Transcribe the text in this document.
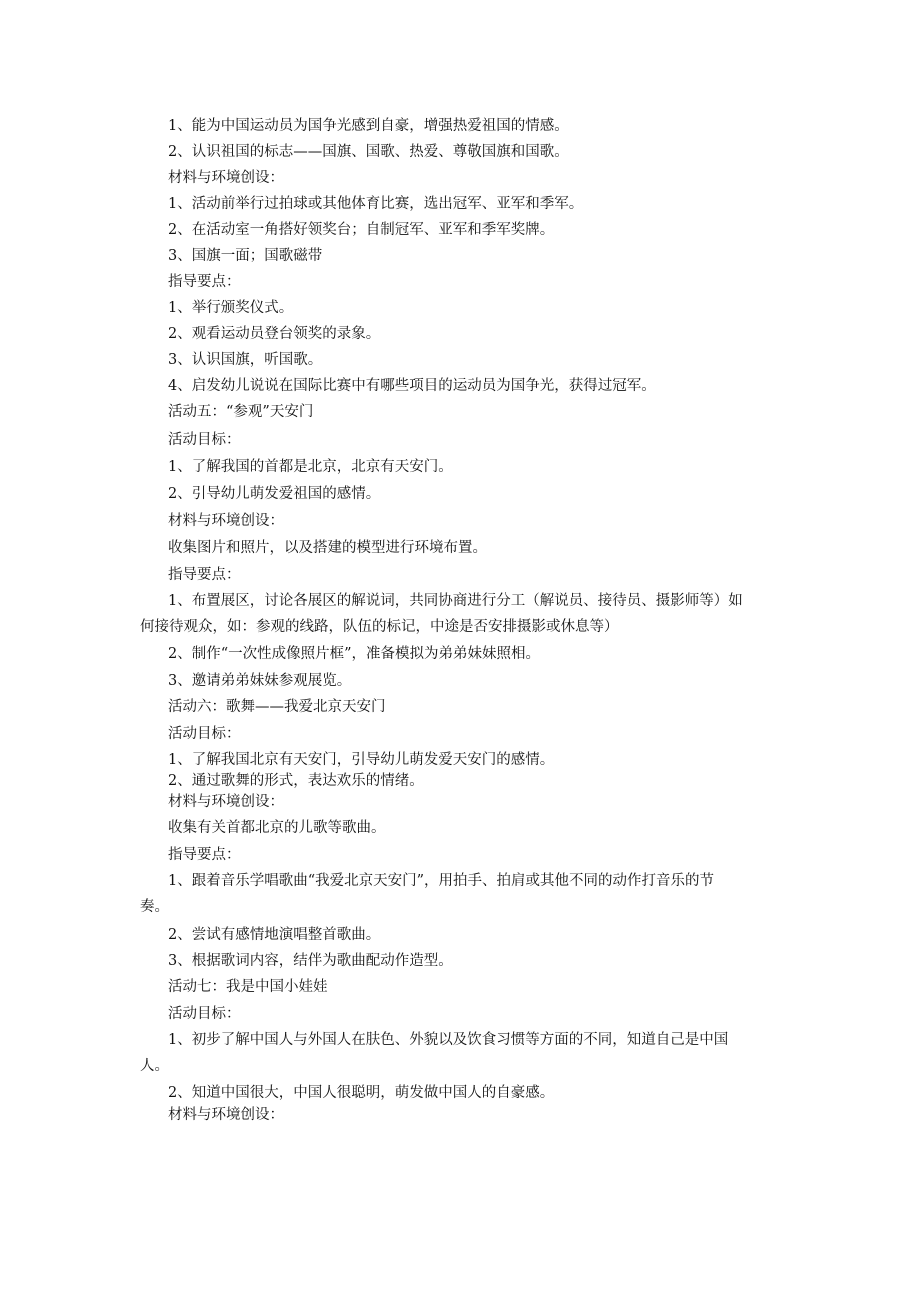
1、能为中国运动员为国争光感到自豪，增强热爱祖国的情感。
2、认识祖国的标志——国旗、国歌、热爱、尊敬国旗和国歌。
材料与环境创设：
1、活动前举行过拍球或其他体育比赛，选出冠军、亚军和季军。
2、在活动室一角搭好领奖台；自制冠军、亚军和季军奖牌。
3、国旗一面；国歌磁带
指导要点：
1、举行颁奖仪式。
2、观看运动员登台领奖的录象。
3、认识国旗，听国歌。
4、启发幼儿说说在国际比赛中有哪些项目的运动员为国争光，获得过冠军。
活动五：“参观”天安门
活动目标：
1、了解我国的首都是北京，北京有天安门。
2、引导幼儿萌发爱祖国的感情。
材料与环境创设：
收集图片和照片，以及搭建的模型进行环境布置。
指导要点：
1、布置展区，讨论各展区的解说词，共同协商进行分工（解说员、接待员、摄影师等）如
何接待观众，如：参观的线路，队伍的标记，中途是否安排摄影或休息等）
2、制作“一次性成像照片框”，准备模拟为弟弟妹妹照相。
3、邀请弟弟妹妹参观展览。
活动六：歌舞——我爱北京天安门
活动目标：
1、了解我国北京有天安门，引导幼儿萌发爱天安门的感情。
2、通过歌舞的形式，表达欢乐的情绪。
材料与环境创设：
收集有关首都北京的儿歌等歌曲。
指导要点：
1、跟着音乐学唱歌曲“我爱北京天安门”，用拍手、拍肩或其他不同的动作打音乐的节
奏。
2、尝试有感情地演唱整首歌曲。
3、根据歌词内容，结伴为歌曲配动作造型。
活动七：我是中国小娃娃
活动目标：
1、初步了解中国人与外国人在肤色、外貌以及饮食习惯等方面的不同，知道自己是中国
人。
2、知道中国很大，中国人很聪明，萌发做中国人的自豪感。
材料与环境创设：
